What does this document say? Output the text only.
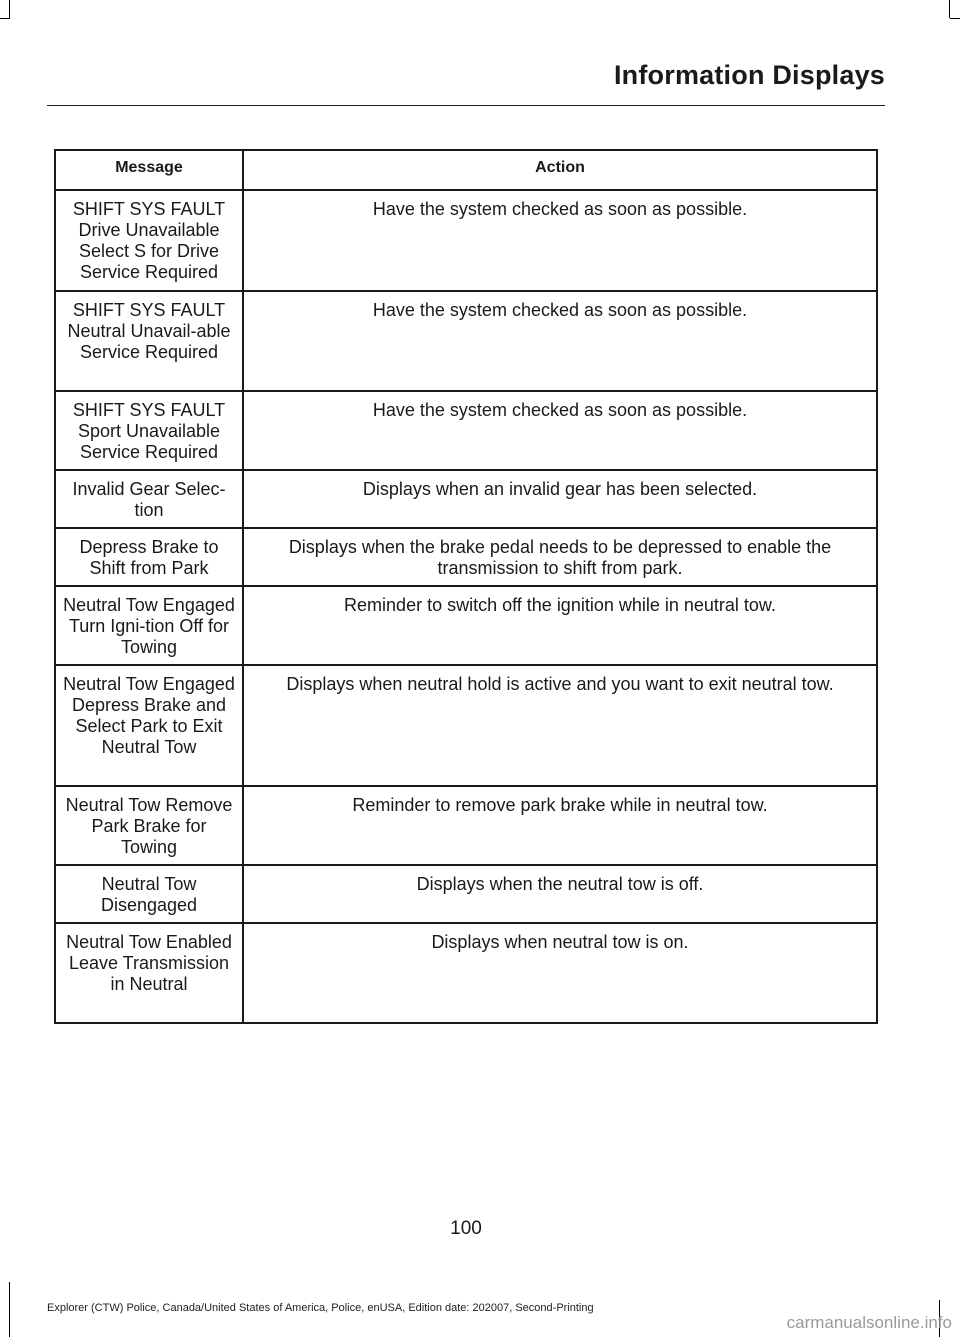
Information Displays
Message	Action
SHIFT SYS FAULT Drive Unavailable Select S for Drive Service Required	Have the system checked as soon as possible.
SHIFT SYS FAULT Neutral Unavail-able Service Required	Have the system checked as soon as possible.
SHIFT SYS FAULT Sport Unavailable Service Required	Have the system checked as soon as possible.
Invalid Gear Selec-tion	Displays when an invalid gear has been selected.
Depress Brake to Shift from Park	Displays when the brake pedal needs to be depressed to enable the transmission to shift from park.
Neutral Tow Engaged Turn Igni-tion Off for Towing	Reminder to switch off the ignition while in neutral tow.
Neutral Tow Engaged Depress Brake and Select Park to Exit Neutral Tow	Displays when neutral hold is active and you want to exit neutral tow.
Neutral Tow Remove Park Brake for Towing	Reminder to remove park brake while in neutral tow.
Neutral Tow Disengaged	Displays when the neutral tow is off.
Neutral Tow Enabled Leave Transmission in Neutral	Displays when neutral tow is on.
100
Explorer (CTW) Police, Canada/United States of America, Police, enUSA, Edition date: 202007, Second-Printing
carmanualsonline.info
